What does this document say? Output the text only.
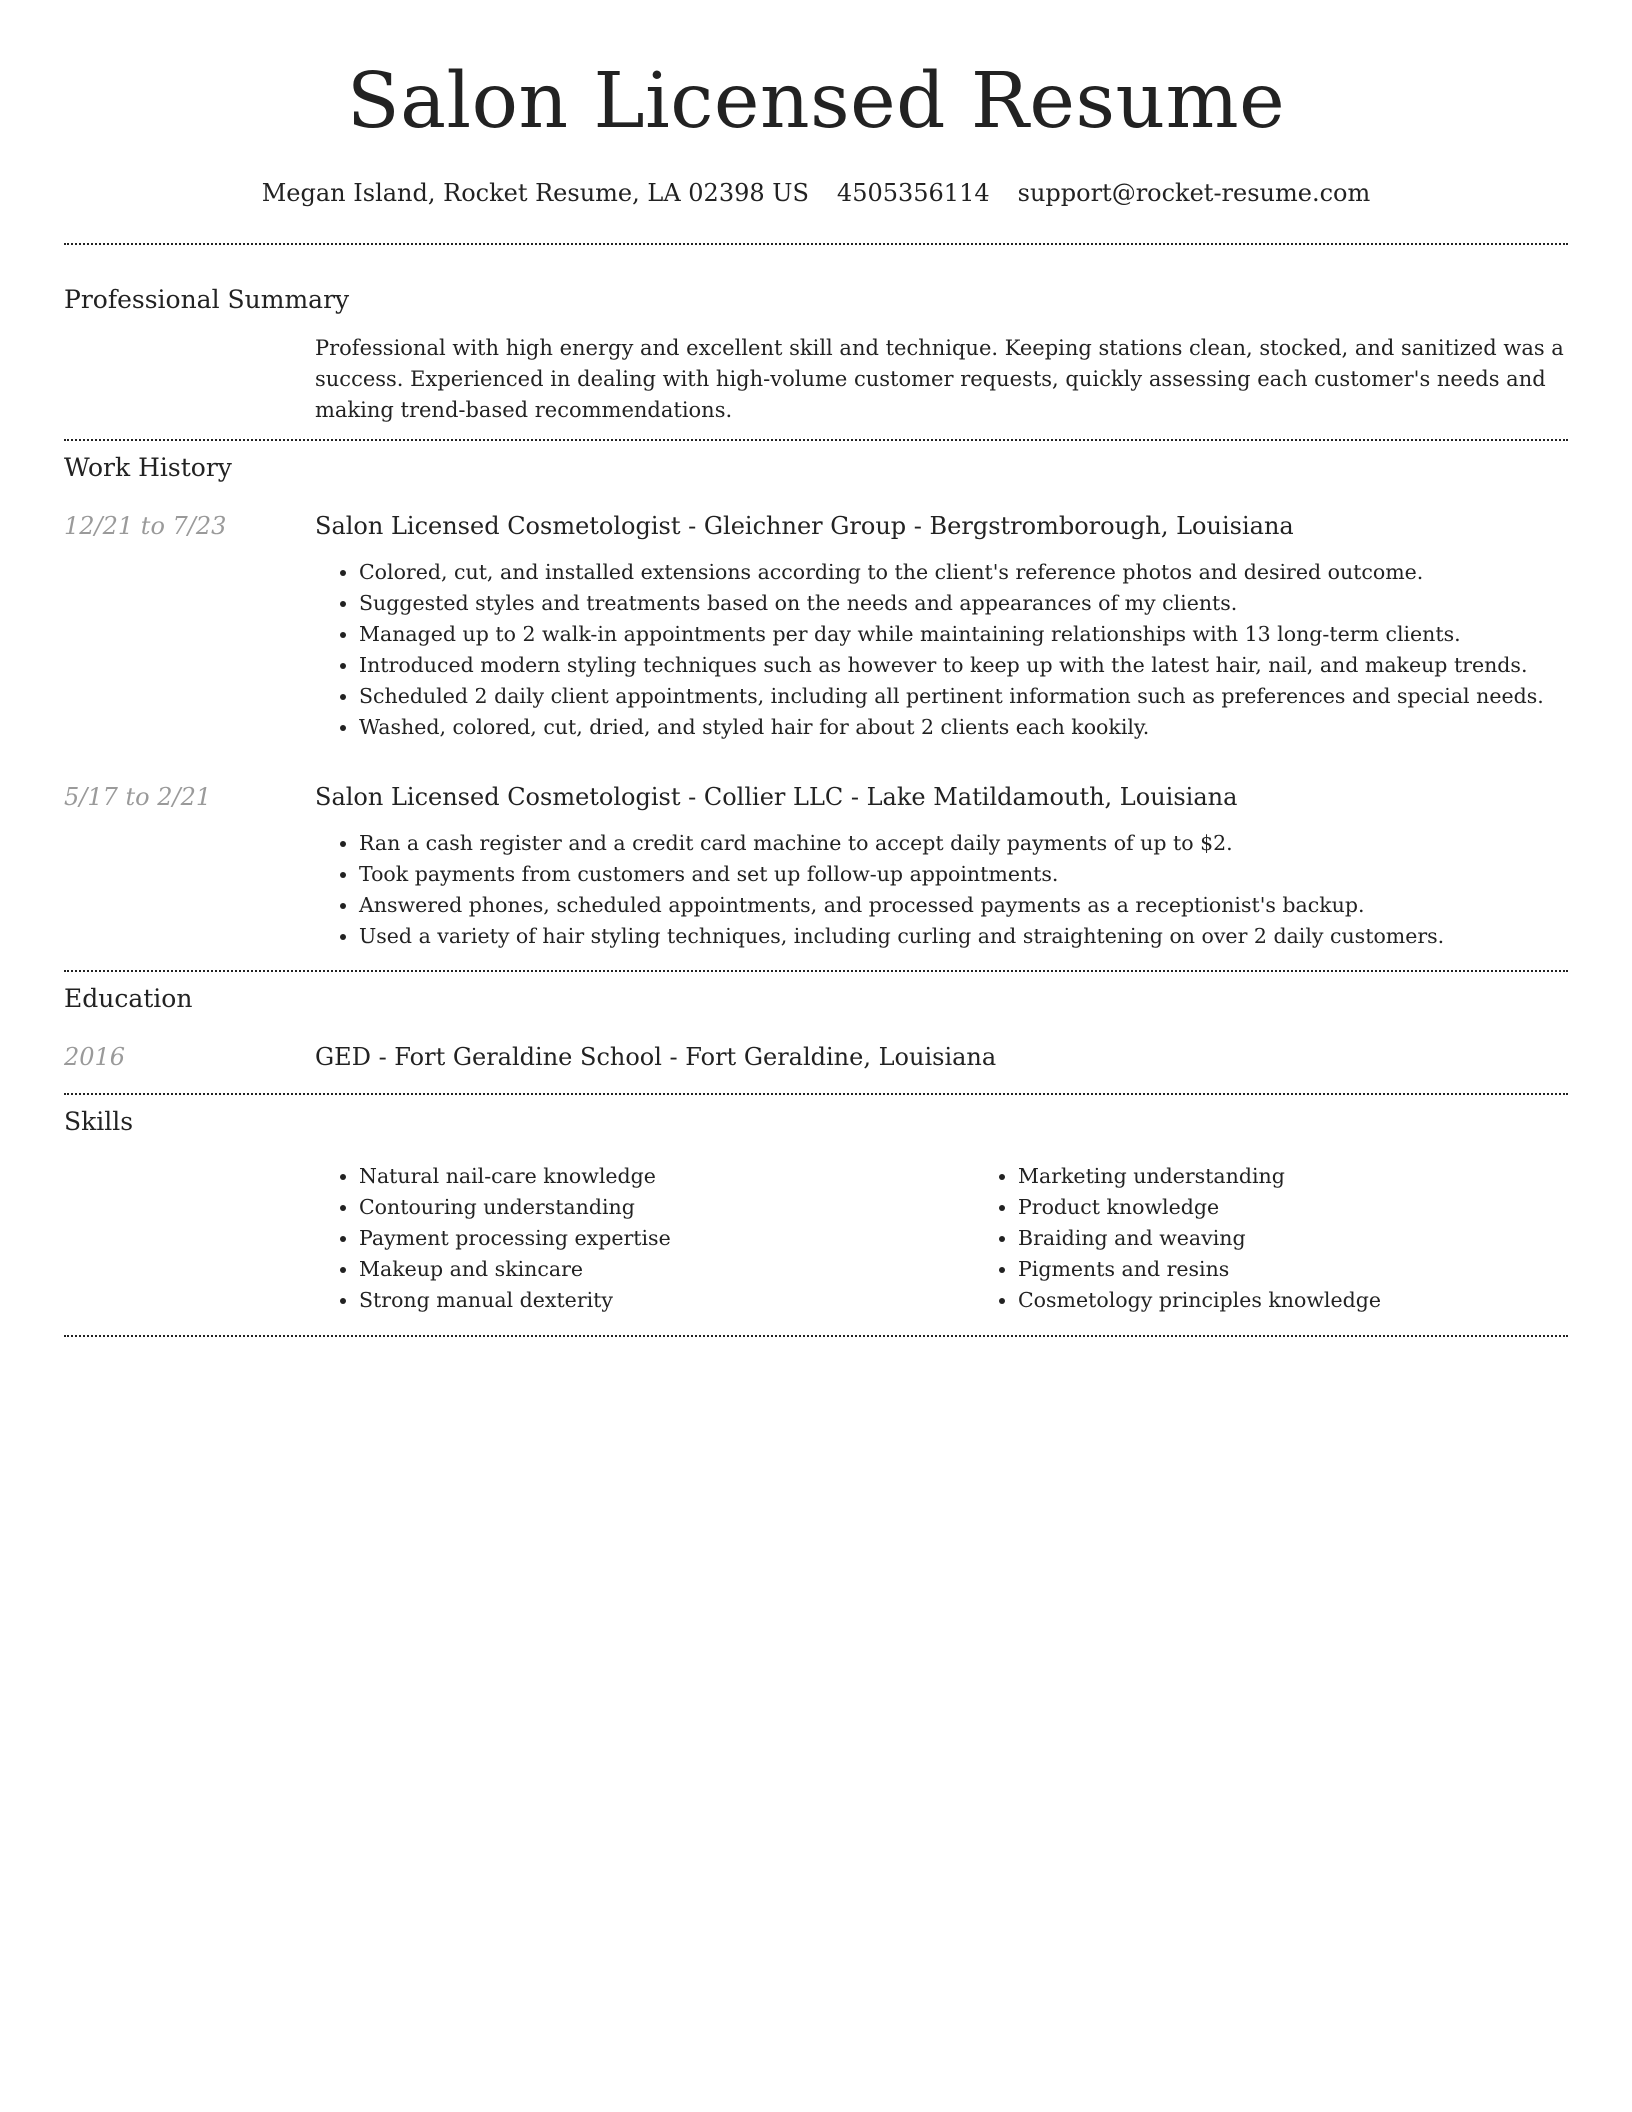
Salon Licensed Resume
Megan Island, Rocket Resume, LA 02398 US 4505356114 support@rocket-resume.com
Professional Summary
Professional with high energy and excellent skill and technique. Keeping stations clean, stocked, and sanitized was a success. Experienced in dealing with high-volume customer requests, quickly assessing each customer's needs and making trend-based recommendations.
Work History
12/21 to 7/23	Salon Licensed Cosmetologist - Gleichner Group - Bergstromborough, Louisiana
• Colored, cut, and installed extensions according to the client's reference photos and desired outcome.
• Suggested styles and treatments based on the needs and appearances of my clients.
• Managed up to 2 walk-in appointments per day while maintaining relationships with 13 long-term clients.
• Introduced modern styling techniques such as however to keep up with the latest hair, nail, and makeup trends.
• Scheduled 2 daily client appointments, including all pertinent information such as preferences and special needs.
• Washed, colored, cut, dried, and styled hair for about 2 clients each kookily.
5/17 to 2/21	Salon Licensed Cosmetologist - Collier LLC - Lake Matildamouth, Louisiana
• Ran a cash register and a credit card machine to accept daily payments of up to $2.
• Took payments from customers and set up follow-up appointments.
• Answered phones, scheduled appointments, and processed payments as a receptionist's backup.
• Used a variety of hair styling techniques, including curling and straightening on over 2 daily customers.
Education
2016	GED - Fort Geraldine School - Fort Geraldine, Louisiana
Skills
• Natural nail-care knowledge
• Contouring understanding
• Payment processing expertise
• Makeup and skincare
• Strong manual dexterity
• Marketing understanding
• Product knowledge
• Braiding and weaving
• Pigments and resins
• Cosmetology principles knowledge
